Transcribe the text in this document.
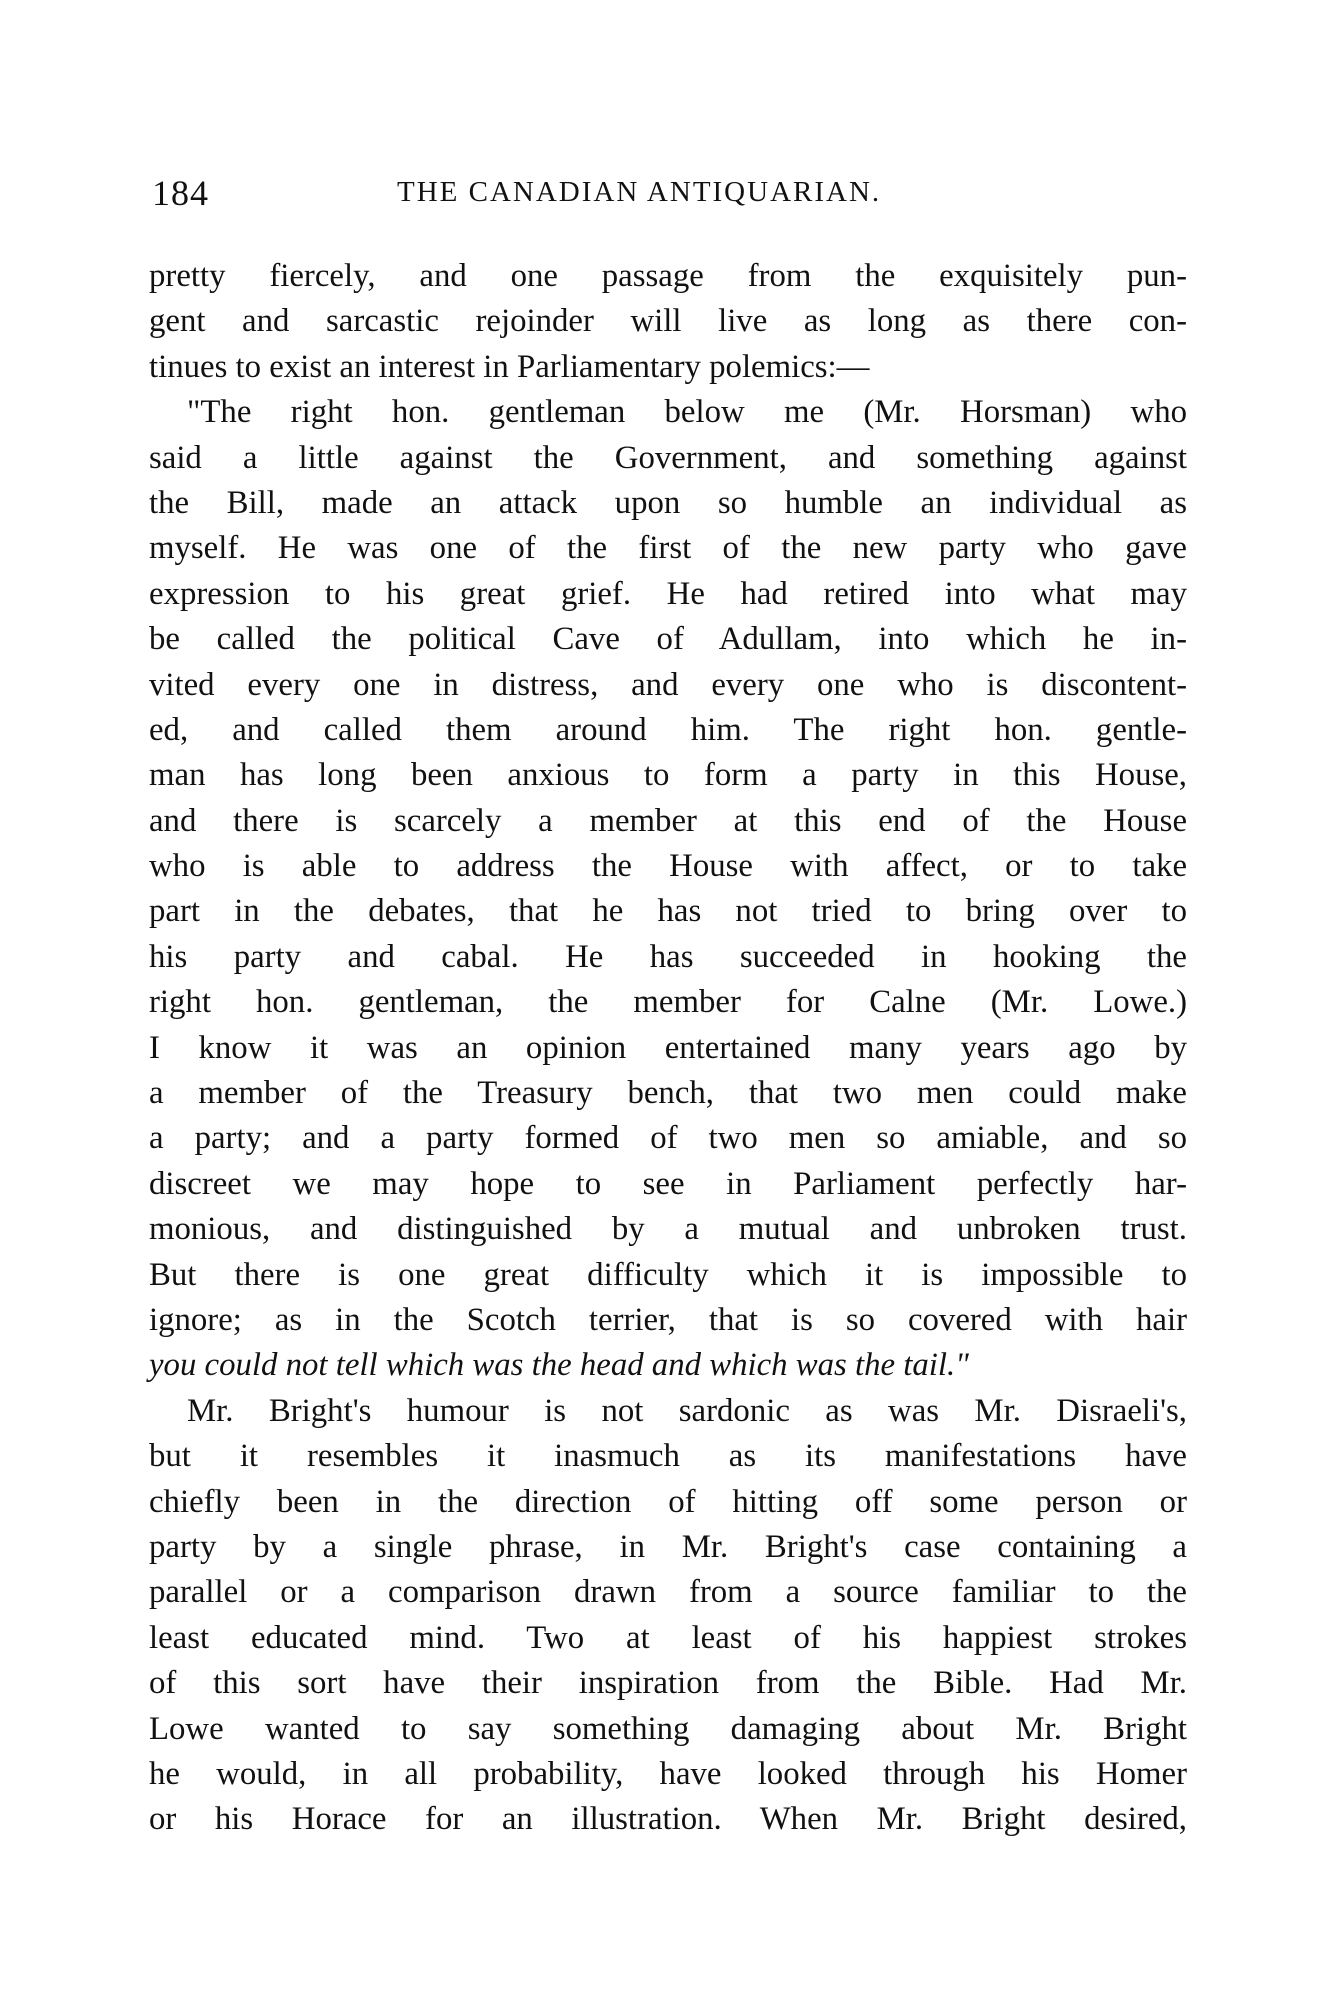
184	THE CANADIAN ANTIQUARIAN.
pretty fiercely, and one passage from the exquisitely pun-
gent and sarcastic rejoinder will live as long as there con-
tinues to exist an interest in Parliamentary polemics:—
"The right hon. gentleman below me (Mr. Horsman) who
said a little against the Government, and something against
the Bill, made an attack upon so humble an individual as
myself. He was one of the first of the new party who gave
expression to his great grief. He had retired into what may
be called the political Cave of Adullam, into which he in-
vited every one in distress, and every one who is discontent-
ed, and called them around him. The right hon. gentle-
man has long been anxious to form a party in this House,
and there is scarcely a member at this end of the House
who is able to address the House with affect, or to take
part in the debates, that he has not tried to bring over to
his party and cabal. He has succeeded in hooking the
right hon. gentleman, the member for Calne (Mr. Lowe.)
I know it was an opinion entertained many years ago by
a member of the Treasury bench, that two men could make
a party; and a party formed of two men so amiable, and so
discreet we may hope to see in Parliament perfectly har-
monious, and distinguished by a mutual and unbroken trust.
But there is one great difficulty which it is impossible to
ignore; as in the Scotch terrier, that is so covered with hair
you could not tell which was the head and which was the tail."
Mr. Bright's humour is not sardonic as was Mr. Disraeli's,
but it resembles it inasmuch as its manifestations have
chiefly been in the direction of hitting off some person or
party by a single phrase, in Mr. Bright's case containing a
parallel or a comparison drawn from a source familiar to the
least educated mind. Two at least of his happiest strokes
of this sort have their inspiration from the Bible. Had Mr.
Lowe wanted to say something damaging about Mr. Bright
he would, in all probability, have looked through his Homer
or his Horace for an illustration. When Mr. Bright desired,
